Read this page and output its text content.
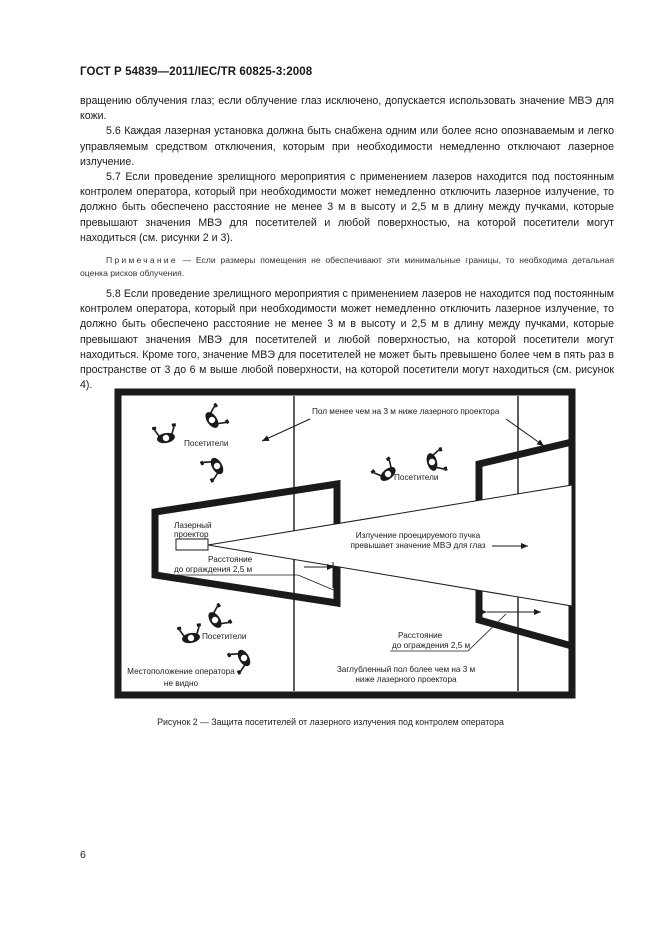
ГОСТ Р 54839—2011/IEC/TR 60825-3:2008

вращению облучения глаз; если облучение глаз исключено, допускается использовать значение МВЭ для кожи.

5.6 Каждая лазерная установка должна быть снабжена одним или более ясно опознаваемым и легко управляемым средством отключения, которым при необходимости немедленно отключают лазерное излучение.

5.7 Если проведение зрелищного мероприятия с применением лазеров находится под постоянным контролем оператора, который при необходимости может немедленно отключить лазерное излучение, то должно быть обеспечено расстояние не менее 3 м в высоту и 2,5 м в длину между пучками, которые превышают значения МВЭ для посетителей и любой поверхностью, на которой посетители могут находиться (см. рисунки 2 и 3).

Примечание — Если размеры помещения не обеспечивают эти минимальные границы, то необходима детальная оценка рисков облучения.

5.8 Если проведение зрелищного мероприятия с применением лазеров не находится под постоянным контролем оператора, который при необходимости может немедленно отключить лазерное излучение, то должно быть обеспечено расстояние не менее 3 м в высоту и 2,5 м в длину между пучками, которые превышают значения МВЭ для посетителей и любой поверхностью, на которой посетители могут находиться. Кроме того, значение МВЭ для посетителей не может быть превышено более чем в пять раз в пространстве от 3 до 6 м выше любой поверхности, на которой посетители могут находиться (см. рисунок 4).

Лазерный
проектор	Излучение проецируемого пучка
превышает значение МВЭ для глаз
Пол менее чем на 3 м ниже лазерного проектора
Посетители
Посетители
Посетители
Расстояние
до ограждения 2,5 м
Расстояние
до ограждения 2,5 м
Местоположение оператора
не видно
Заглубленный пол более чем на 3 м
ниже лазерного проектора
Рисунок 2 — Защита посетителей от лазерного излучения под контролем оператора
6
